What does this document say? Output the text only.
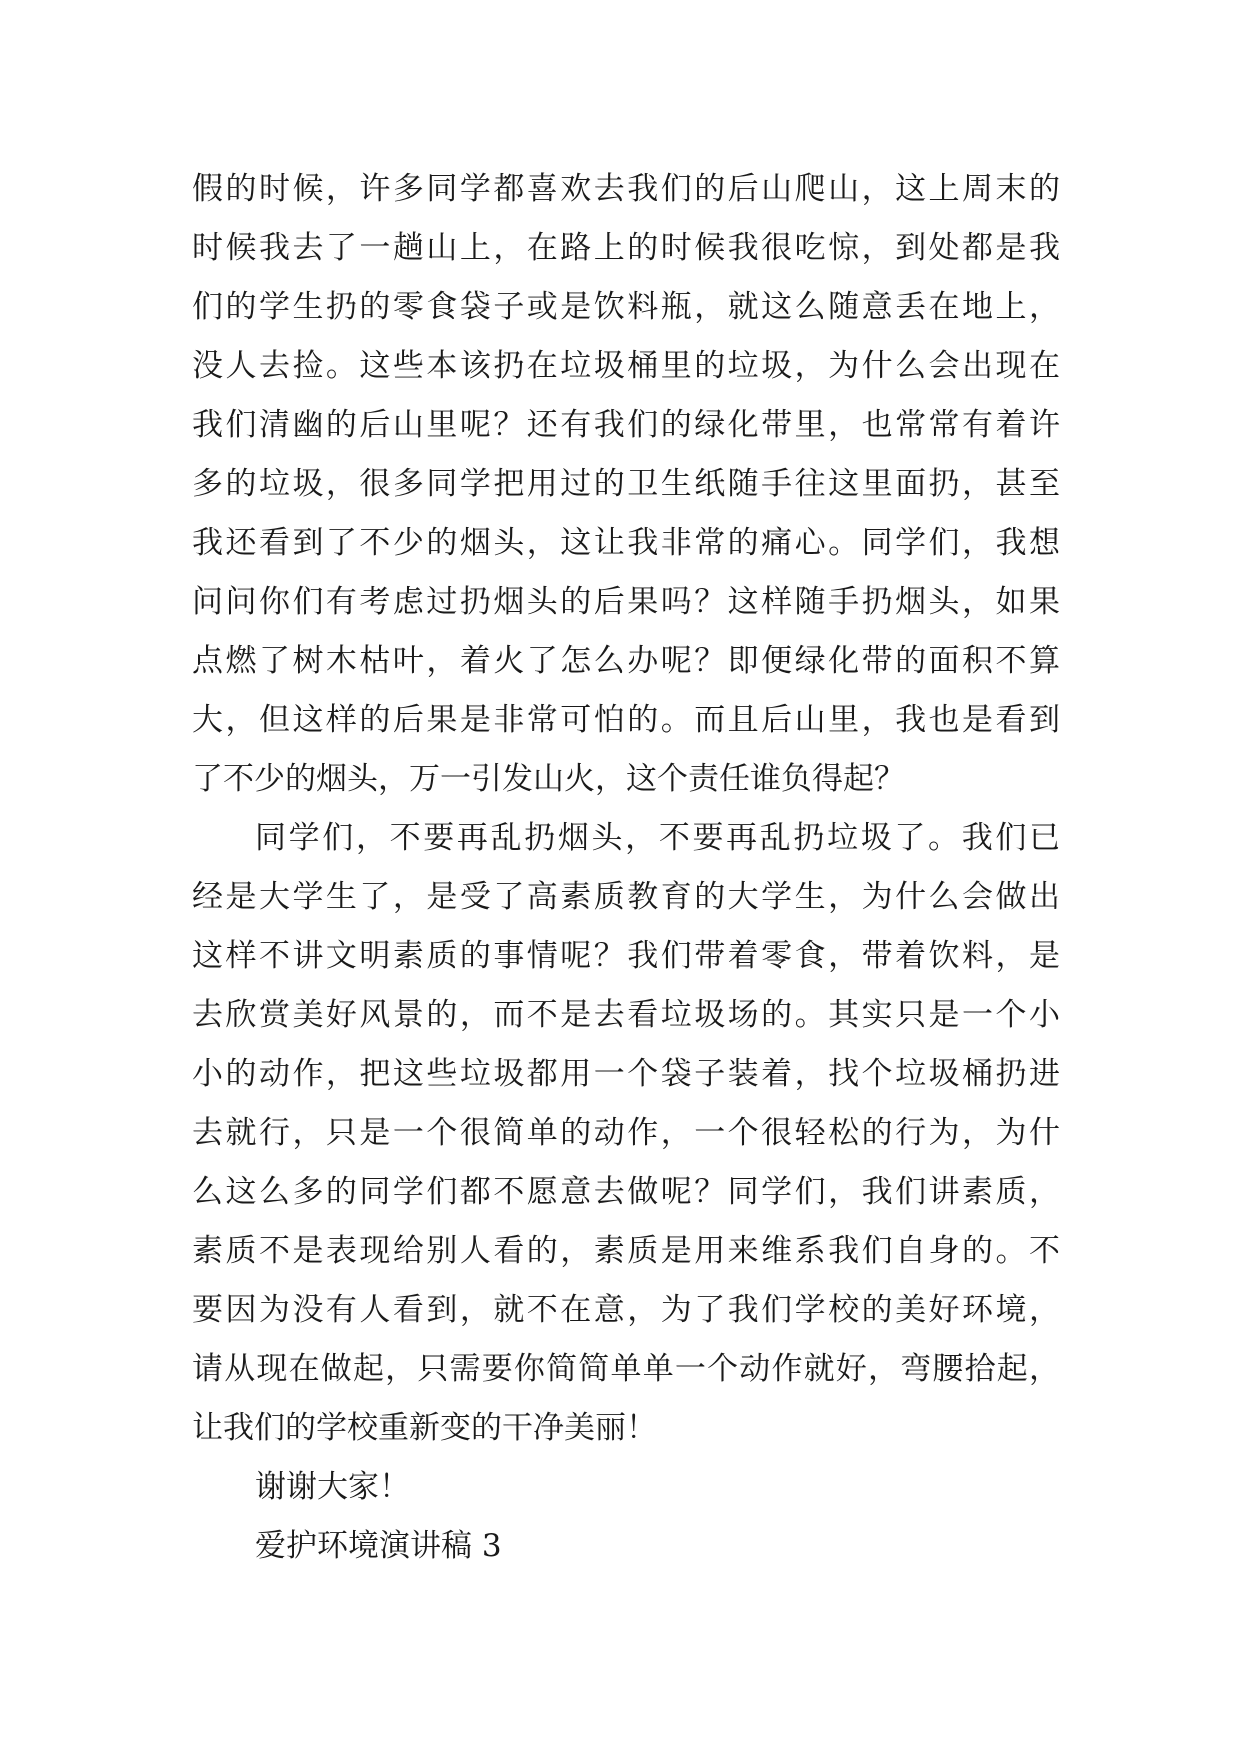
假的时候，许多同学都喜欢去我们的后山爬山，这上周末的
时候我去了一趟山上，在路上的时候我很吃惊，到处都是我
们的学生扔的零食袋子或是饮料瓶，就这么随意丢在地上，
没人去捡。这些本该扔在垃圾桶里的垃圾，为什么会出现在
我们清幽的后山里呢？还有我们的绿化带里，也常常有着许
多的垃圾，很多同学把用过的卫生纸随手往这里面扔，甚至
我还看到了不少的烟头，这让我非常的痛心。同学们，我想
问问你们有考虑过扔烟头的后果吗？这样随手扔烟头，如果
点燃了树木枯叶，着火了怎么办呢？即便绿化带的面积不算
大，但这样的后果是非常可怕的。而且后山里，我也是看到
了不少的烟头，万一引发山火，这个责任谁负得起？
同学们，不要再乱扔烟头，不要再乱扔垃圾了。我们已
经是大学生了，是受了高素质教育的大学生，为什么会做出
这样不讲文明素质的事情呢？我们带着零食，带着饮料，是
去欣赏美好风景的，而不是去看垃圾场的。其实只是一个小
小的动作，把这些垃圾都用一个袋子装着，找个垃圾桶扔进
去就行，只是一个很简单的动作，一个很轻松的行为，为什
么这么多的同学们都不愿意去做呢？同学们，我们讲素质，
素质不是表现给别人看的，素质是用来维系我们自身的。不
要因为没有人看到，就不在意，为了我们学校的美好环境，
请从现在做起，只需要你简简单单一个动作就好，弯腰拾起，
让我们的学校重新变的干净美丽！
谢谢大家！
爱护环境演讲稿 3
